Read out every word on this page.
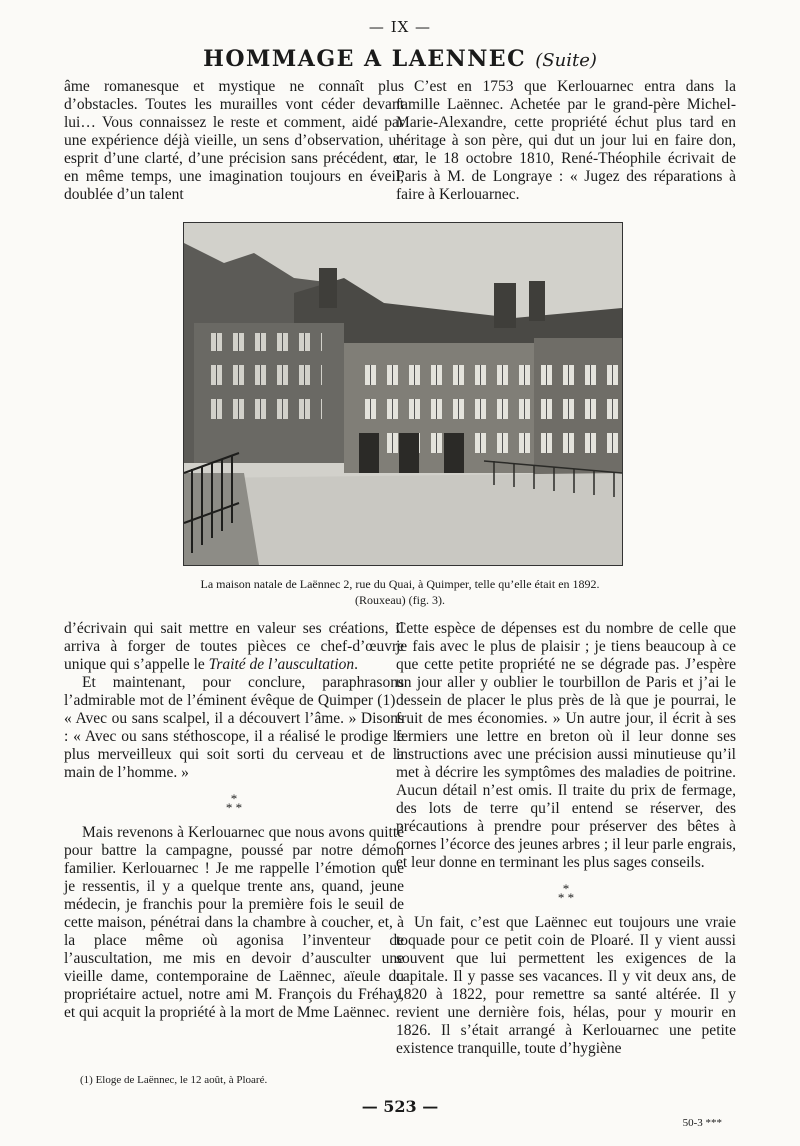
— IX —
HOMMAGE A LAENNEC (Suite)

âme romanesque et mystique ne connaît plus d’obstacles. Toutes les murailles vont céder devant lui… Vous connaissez le reste et comment, aidé par une expérience déjà vieille, un sens d’observation, un esprit d’une clarté, d’une précision sans précédent, et en même temps, une imagination toujours en éveil, doublée d’un talent

C’est en 1753 que Kerlouarnec entra dans la famille Laënnec. Achetée par le grand-père Michel-Marie-Alexandre, cette propriété échut plus tard en héritage à son père, qui dut un jour lui en faire don, car, le 18 octobre 1810, René-Théophile écrivait de Paris à M. de Longraye : « Jugez des réparations à faire à Kerlouarnec.

La maison natale de Laënnec 2, rue du Quai, à Quimper, telle qu’elle était en 1892.
(Rouxeau) (fig. 3).

d’écrivain qui sait mettre en valeur ses créations, il arriva à forger de toutes pièces ce chef-d’œuvre unique qui s’appelle le Traité de l’auscultation.

Et maintenant, pour conclure, paraphrasons l’admirable mot de l’éminent évêque de Quimper (1) : « Avec ou sans scalpel, il a découvert l’âme. » Disons : « Avec ou sans stéthoscope, il a réalisé le prodige le plus merveilleux qui soit sorti du cerveau et de la main de l’homme. »

*
* *

Mais revenons à Kerlouarnec que nous avons quitté pour battre la campagne, poussé par notre démon familier. Kerlouarnec ! Je me rappelle l’émotion que je ressentis, il y a quelque trente ans, quand, jeune médecin, je franchis pour la première fois le seuil de cette maison, pénétrai dans la chambre à coucher, et, à la place même où agonisa l’inventeur de l’auscultation, me mis en devoir d’ausculter une vieille dame, contemporaine de Laënnec, aïeule du propriétaire actuel, notre ami M. François du Fréhay, et qui acquit la propriété à la mort de Mme Laënnec.

Cette espèce de dépenses est du nombre de celle que je fais avec le plus de plaisir ; je tiens beaucoup à ce que cette petite propriété ne se dégrade pas. J’espère un jour aller y oublier le tourbillon de Paris et j’ai le dessein de placer le plus près de là que je pourrai, le fruit de mes économies. » Un autre jour, il écrit à ses fermiers une lettre en breton où il leur donne ses instructions avec une précision aussi minutieuse qu’il met à décrire les symptômes des maladies de poitrine. Aucun détail n’est omis. Il traite du prix de fermage, des lots de terre qu’il entend se réserver, des précautions à prendre pour préserver des bêtes à cornes l’écorce des jeunes arbres ; il leur parle engrais, et leur donne en terminant les plus sages conseils.

*
* *

Un fait, c’est que Laënnec eut toujours une vraie toquade pour ce petit coin de Ploaré. Il y vient aussi souvent que lui permettent les exigences de la capitale. Il y passe ses vacances. Il y vit deux ans, de 1820 à 1822, pour remettre sa santé altérée. Il y revient une dernière fois, hélas, pour y mourir en 1826. Il s’était arrangé à Kerlouarnec une petite existence tranquille, toute d’hygiène

(1) Eloge de Laënnec, le 12 août, à Ploaré.
— 523 —
50-3 ***
